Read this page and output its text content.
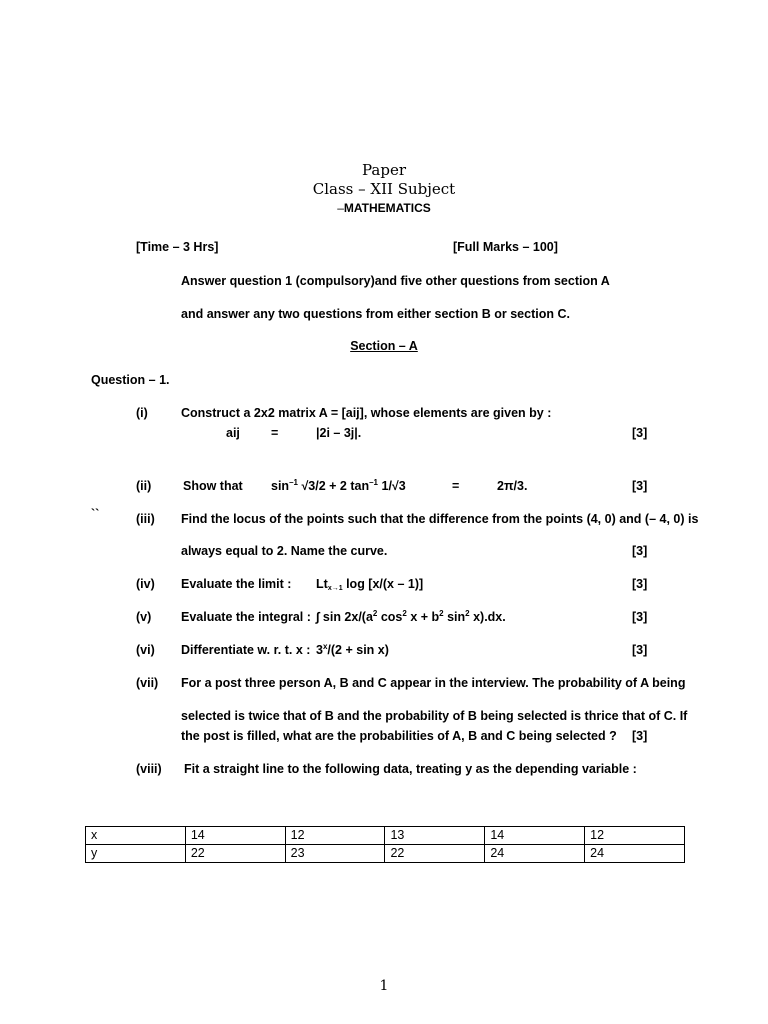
Paper
Class – XII Subject
–MATHEMATICS
[Time – 3 Hrs]	[Full Marks – 100]
Answer question 1 (compulsory)and five other questions from section A
and answer any two questions from either section B or section C.
Section – A
Question – 1.
(i)	Construct a 2x2 matrix A = [aij], whose elements are given by :
aij =	|2i – 3j|.	[3]
(ii)	Show that $\sin^{-1} √3/2 + 2$ $\tan^{-1} 1/√3$	=	2π/3.	[3]
``	(iii) Find the locus of the points such that the difference from the points (4, 0) and (– 4, 0) is
always equal to 2. Name the curve.	[3]
(iv) Evaluate the limit : $Lt_{x\to 1}$ log [x/(x – 1)]	[3]
(v) Evaluate the integral : ∫ $\sin 2x/(a^2$ $\cos^2 x + b^2$ $\sin^2 x).dx$.	[3]
(vi) Differentiate w. r. t. x : $3^x/(2 + \sin x)$	[3]
(vii) For a post three person A, B and C appear in the interview. The probability of A being
selected is twice that of B and the probability of B being selected is thrice that of C. If
the post is filled, what are the probabilities of A, B and C being selected ? [3]
(viii) Fit a straight line to the following data, treating y as the depending variable :
x	14	12	13	14	12
y	22	23	22	24	24
1
